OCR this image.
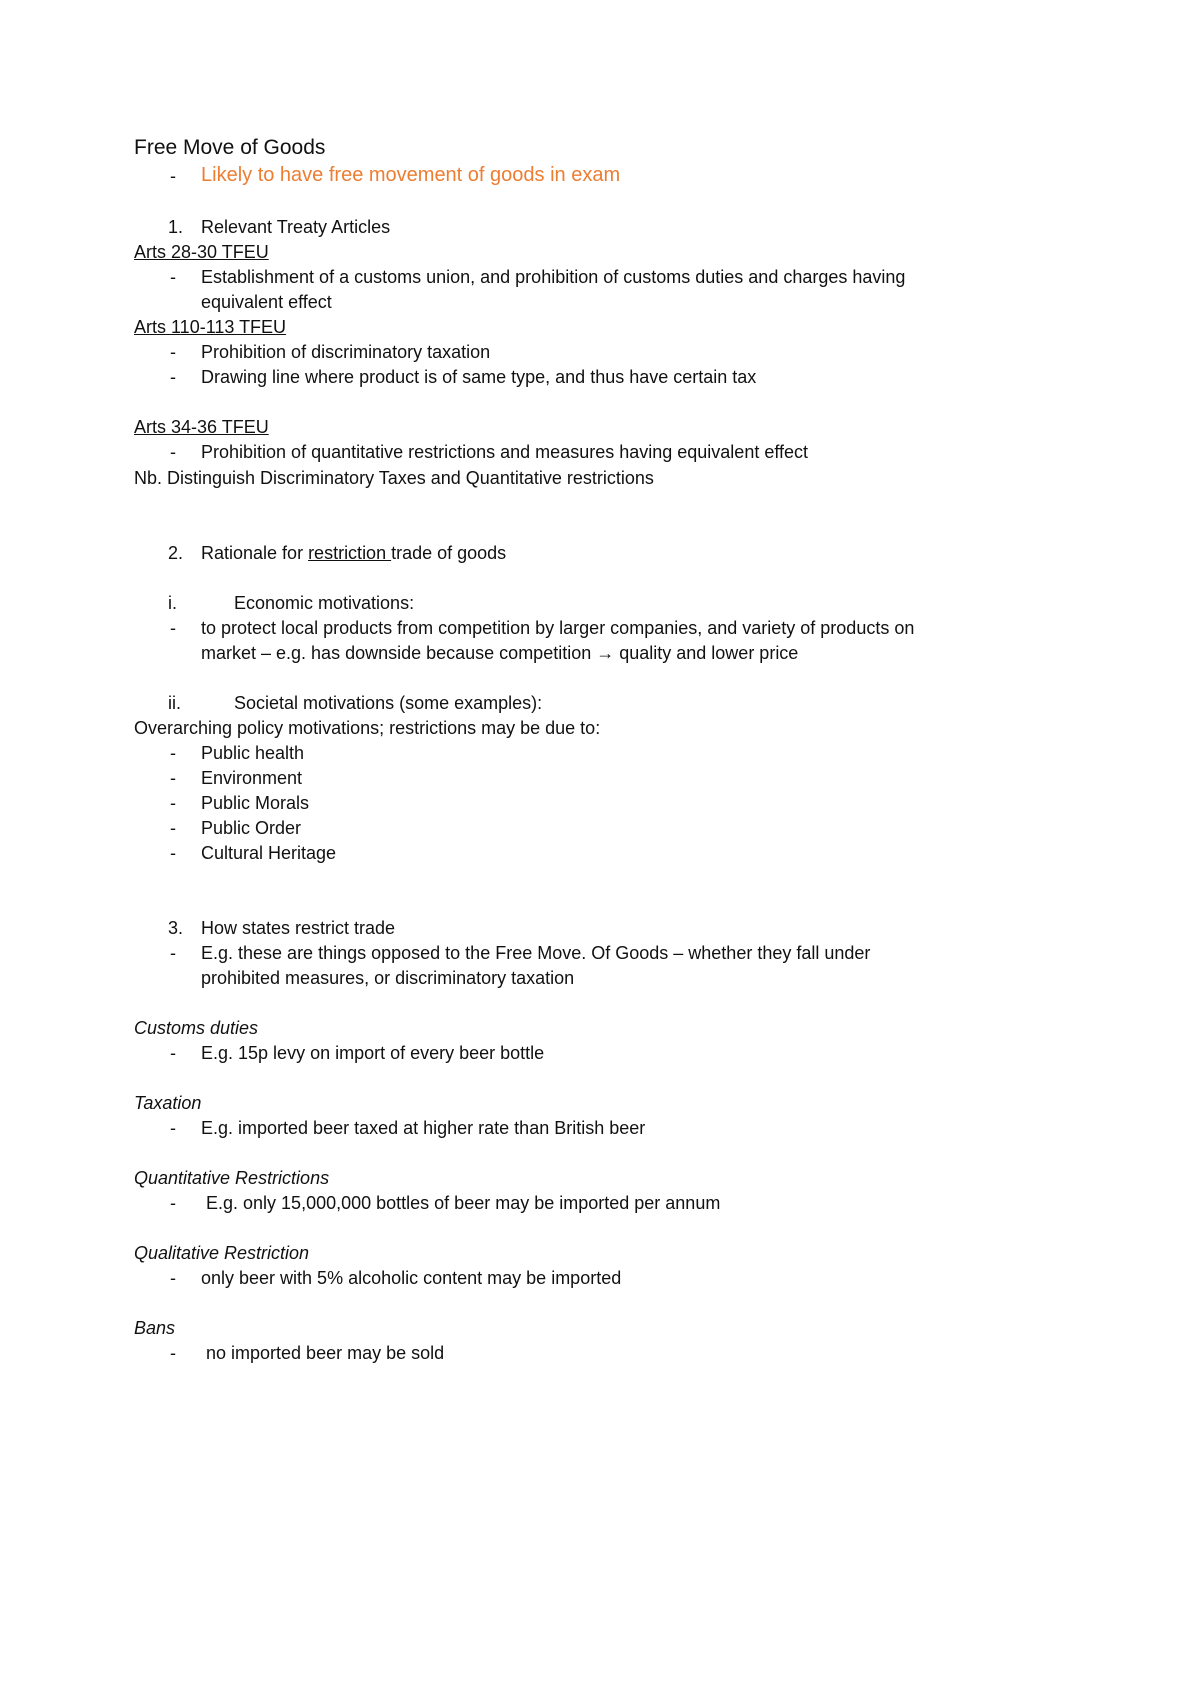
Free Move of Goods
- Likely to have free movement of goods in exam
1. Relevant Treaty Articles
Arts 28-30 TFEU
- Establishment of a customs union, and prohibition of customs duties and charges having
equivalent effect
Arts 110-113 TFEU
- Prohibition of discriminatory taxation
- Drawing line where product is of same type, and thus have certain tax
Arts 34-36 TFEU
- Prohibition of quantitative restrictions and measures having equivalent effect
Nb. Distinguish Discriminatory Taxes and Quantitative restrictions
2. Rationale for restriction trade of goods
i.	Economic motivations:
- to protect local products from competition by larger companies, and variety of products on
market – e.g. has downside because competition → quality and lower price
ii.	Societal motivations (some examples):
Overarching policy motivations; restrictions may be due to:
- Public health
- Environment
- Public Morals
- Public Order
- Cultural Heritage
3. How states restrict trade
- E.g. these are things opposed to the Free Move. Of Goods – whether they fall under
prohibited measures, or discriminatory taxation
Customs duties
- E.g. 15p levy on import of every beer bottle
Taxation
- E.g. imported beer taxed at higher rate than British beer
Quantitative Restrictions
- E.g. only 15,000,000 bottles of beer may be imported per annum
Qualitative Restriction
- only beer with 5% alcoholic content may be imported
Bans
- no imported beer may be sold
